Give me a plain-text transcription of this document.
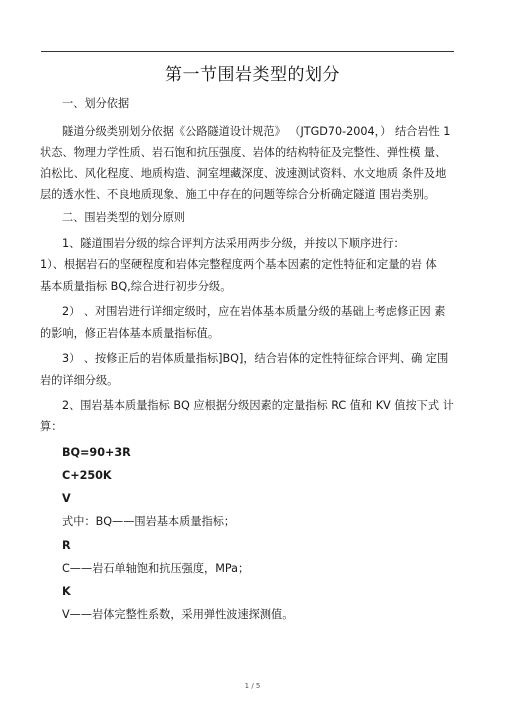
第一节围岩类型的划分
一、划分依据
隧道分级类别划分依据《公路隧道设计规范》 （JTGD70-2004，） 结合岩性 1
状态、物理力学性质、岩石饱和抗压强度、岩体的结构特征及完整性、弹性模 量、
泊松比、风化程度、地质构造、洞室埋藏深度、波速测试资料、水文地质 条件及地
层的透水性、不良地质现象、施工中存在的问题等综合分析确定隧道 围岩类别。
二、围岩类型的划分原则
1、隧道围岩分级的综合评判方法采用两步分级，并按以下顺序进行：
1）、根据岩石的坚硬程度和岩体完整程度两个基本因素的定性特征和定量的岩 体
基本质量指标 BQ,综合进行初步分级。
2） 、对围岩进行详细定级时，应在岩体基本质量分级的基础上考虑修正因 素
的影响，修正岩体基本质量指标值。
3） 、按修正后的岩体质量指标]BQ]，结合岩体的定性特征综合评判、确 定围
岩的详细分级。
2、围岩基本质量指标 BQ 应根据分级因素的定量指标 RC 值和 KV 值按下式 计
算：
BQ=90+3R
C+250K
V
式中：BQ——围岩基本质量指标；
R
C——岩石单轴饱和抗压强度，MPa；
K
V——岩体完整性系数，采用弹性波速探测值。
1 / 5
